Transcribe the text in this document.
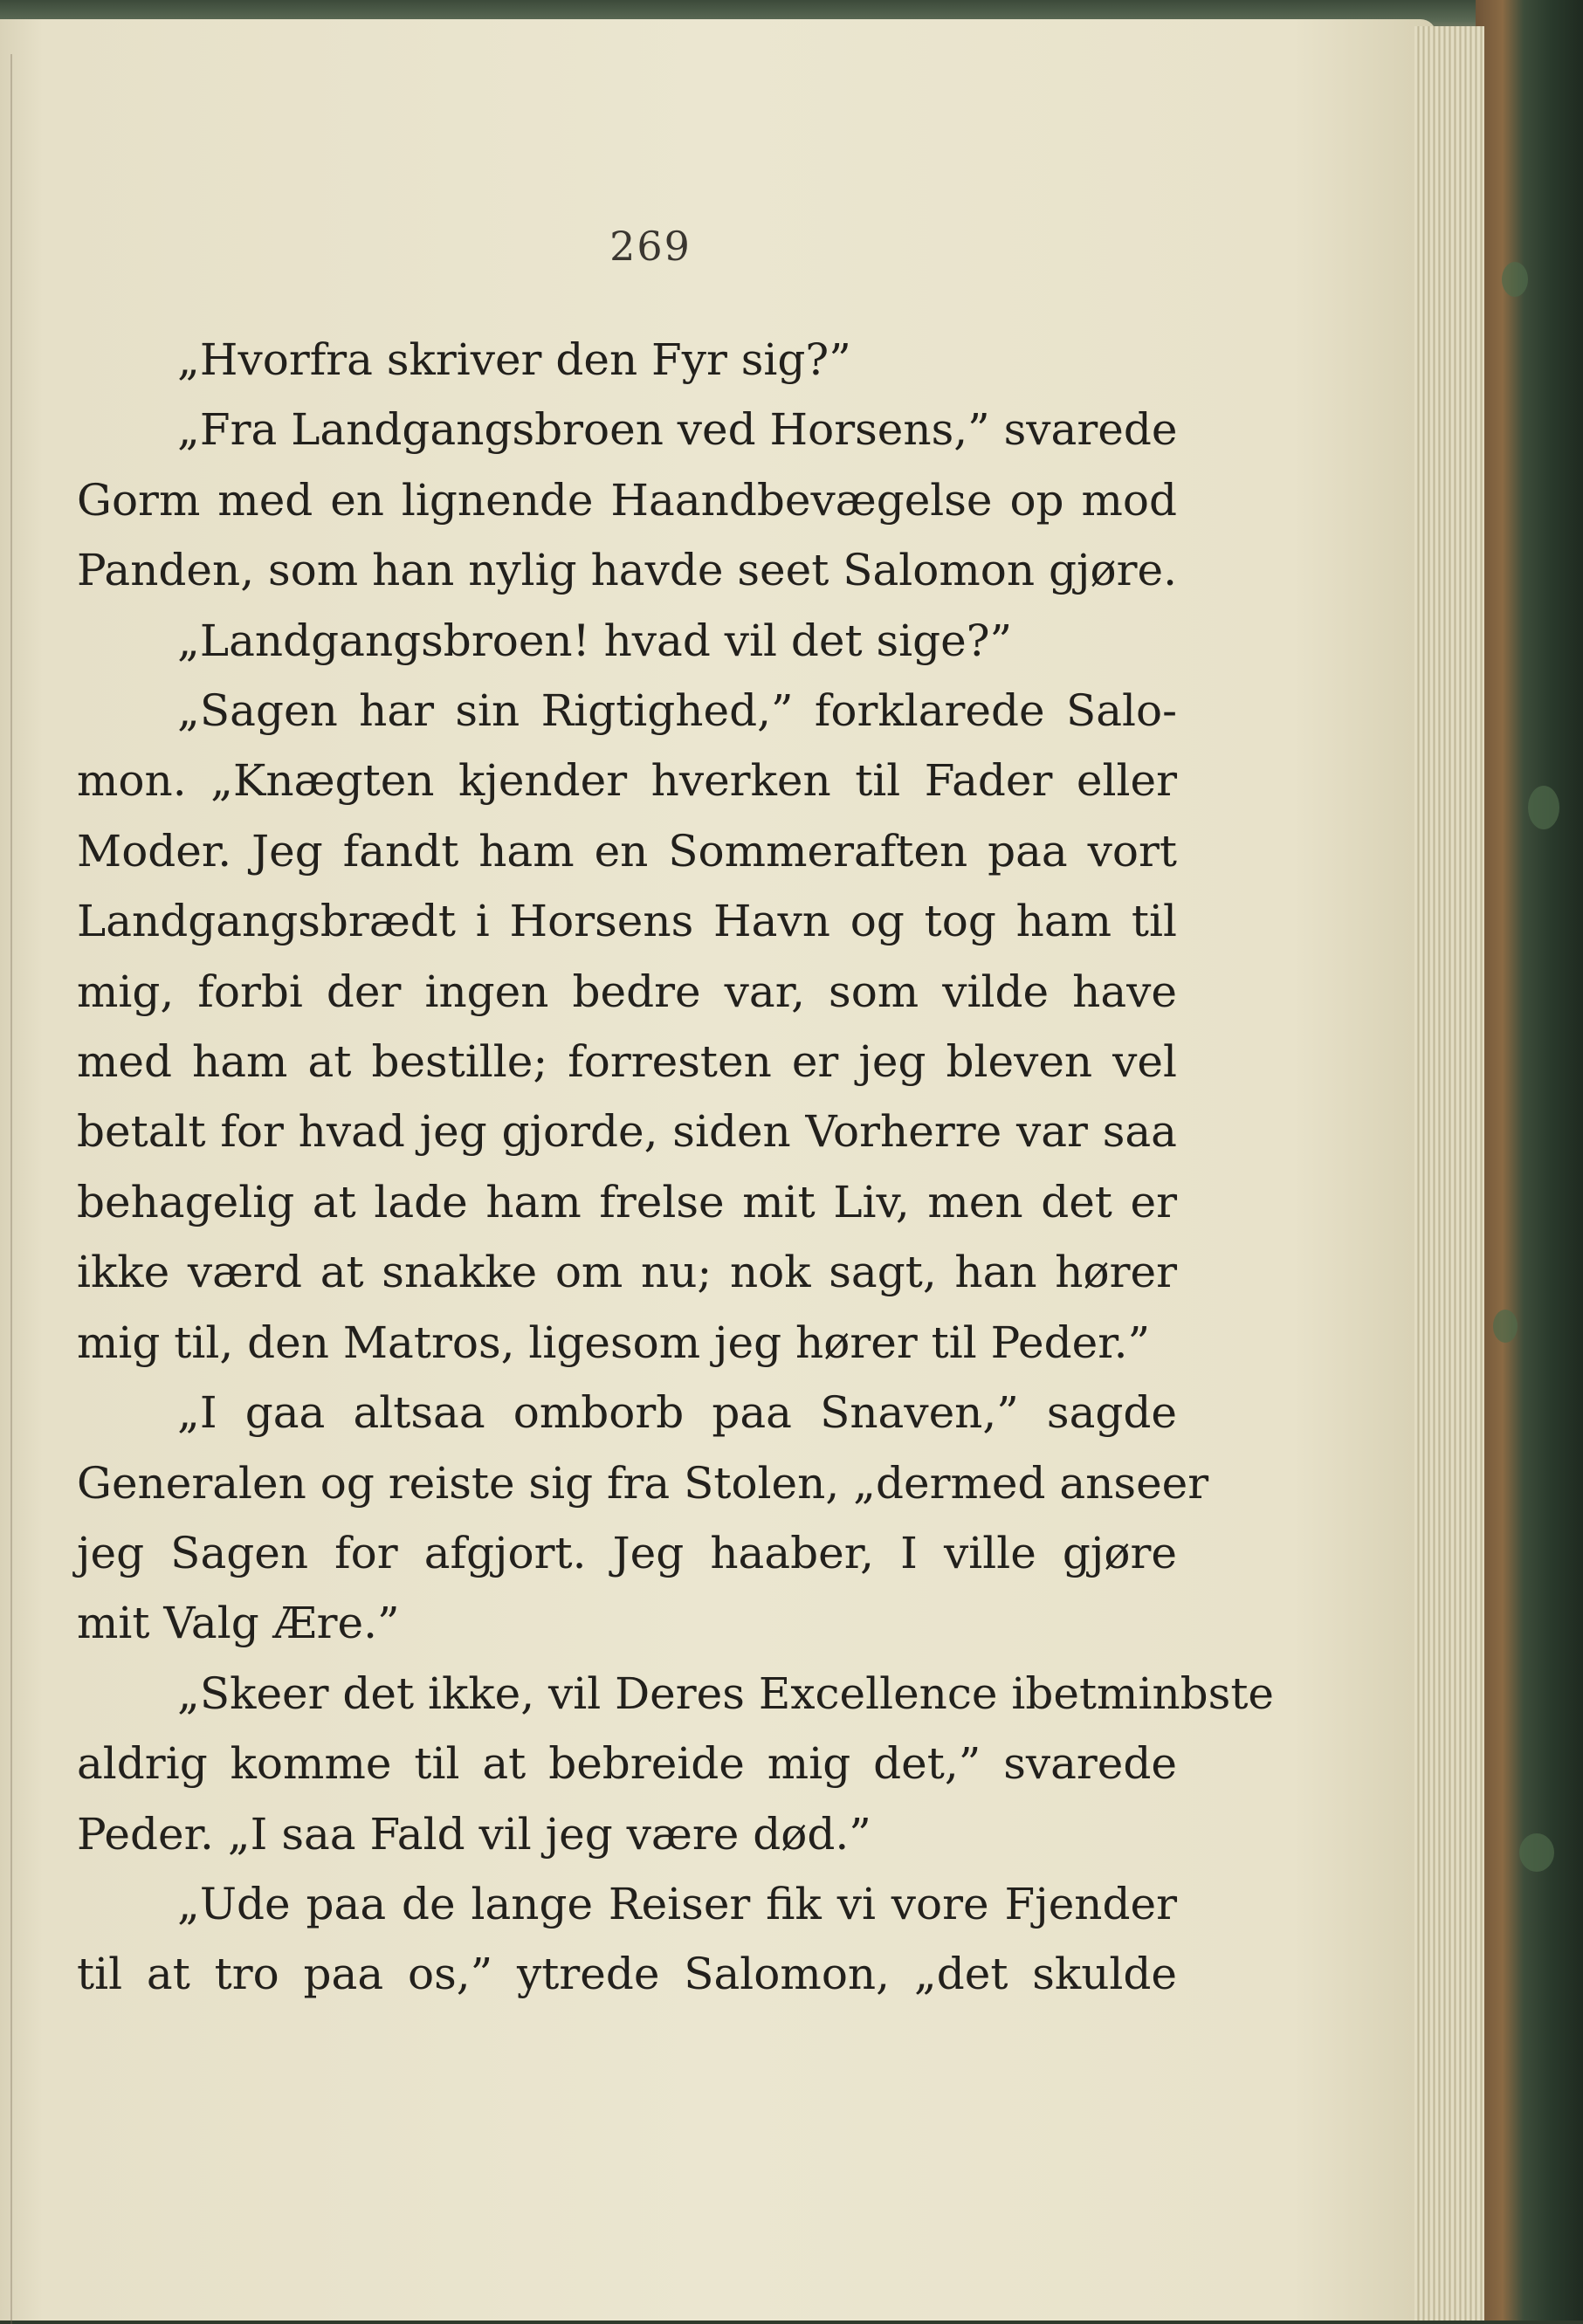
269
„Hvorfra skriver den Fyr sig?”
„Fra Landgangsbroen ved Horsens,” svarede
Gorm med en lignende Haandbevægelse op mod
Panden, som han nylig havde seet Salomon gjøre.
„Landgangsbroen! hvad vil det sige?”
„Sagen har sin Rigtighed,” forklarede Salo-
mon. „Knægten kjender hverken til Fader eller
Moder. Jeg fandt ham en Sommeraften paa vort
Landgangsbrædt i Horsens Havn og tog ham til
mig, forbi der ingen bedre var, som vilde have
med ham at bestille; forresten er jeg bleven vel
betalt for hvad jeg gjorde, siden Vorherre var saa
behagelig at lade ham frelse mit Liv, men det er
ikke værd at snakke om nu; nok sagt, han hører
mig til, den Matros, ligesom jeg hører til Peder.”
„I gaa altsaa omborb paa Snaven,” sagde
Generalen og reiste sig fra Stolen, „dermed anseer
jeg Sagen for afgjort. Jeg haaber, I ville gjøre
mit Valg Ære.”
„Skeer det ikke, vil Deres Excellence ibetminbste
aldrig komme til at bebreide mig det,” svarede
Peder. „I saa Fald vil jeg være død.”
„Ude paa de lange Reiser fik vi vore Fjender
til at tro paa os,” ytrede Salomon, „det skulde
